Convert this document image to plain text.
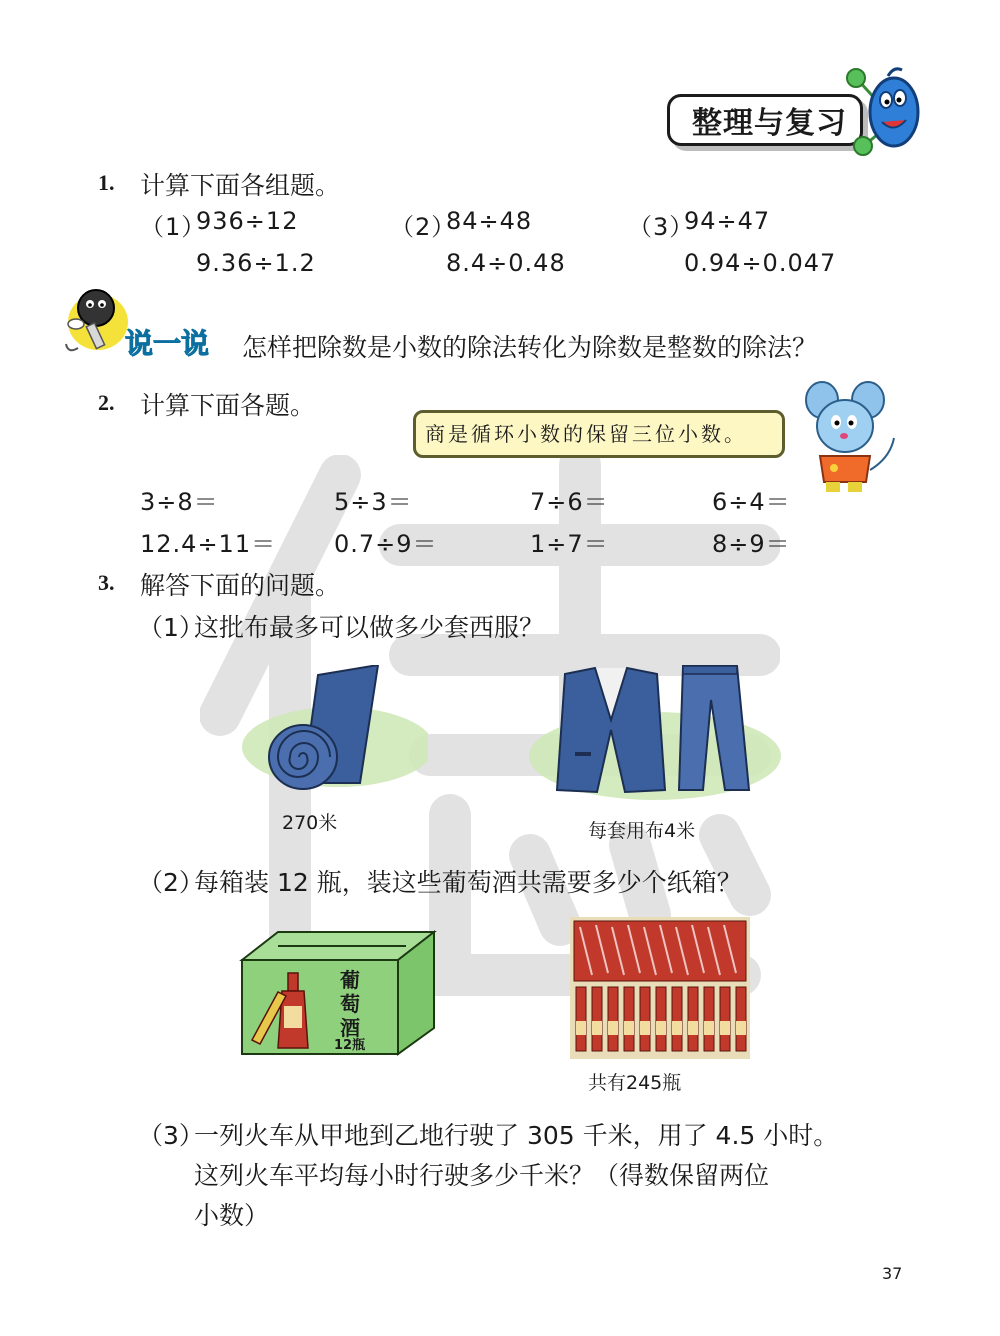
整理与复习
1. 计算下面各组题。
（1）
936÷12
9.36÷1.2
（2）
84÷48
8.4÷0.48
（3）
94÷47
0.94÷0.047
说一说 怎样把除数是小数的除法转化为除数是整数的除法？
2. 计算下面各题。
商是循环小数的保留三位小数。
3÷8＝	5÷3＝	7÷6＝	6÷4＝
12.4÷11＝ 0.7÷9＝	1÷7＝	8÷9＝
3. 解答下面的问题。
（1）
这批布最多可以做多少套西服？
270米	每套用布4米
（2）
每箱装 12 瓶，装这些葡萄酒共需要多少个纸箱？
葡
萄
酒
12瓶
共有245瓶
（3）
一列火车从甲地到乙地行驶了 305 千米，用了 4.5 小时。
这列火车平均每小时行驶多少千米？（得数保留两位
小数）
37
